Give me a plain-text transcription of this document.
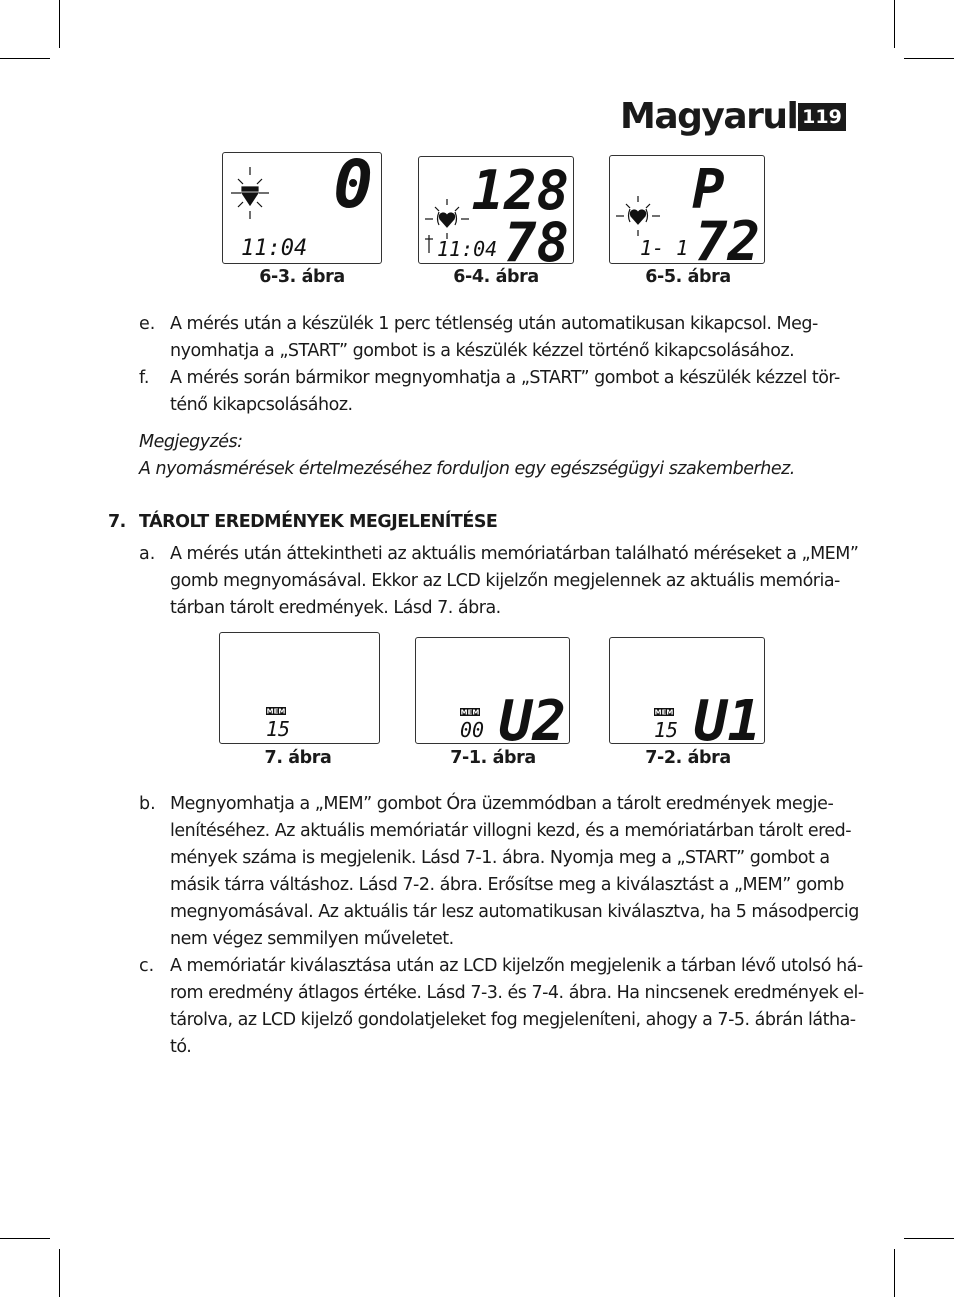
Magyarul 119
0
11:04
6-3. ábra
128
78
11:04
6-4. ábra
P
72
1- 1
6-5. ábra
e. A mérés után a készülék 1 perc tétlenség után automatikusan kikapcsol. Meg-
nyomhatja a „START” gombot is a készülék kézzel történő kikapcsolásához.
f. A mérés során bármikor megnyomhatja a „START” gombot a készülék kézzel tör-
ténő kikapcsolásához.
Megjegyzés:
A nyomásmérések értelmezéséhez forduljon egy egészségügyi szakemberhez.
7. TÁROLT EREDMÉNYEK MEGJELENÍTÉSE
a. A mérés után áttekintheti az aktuális memóriatárban található méréseket a „MEM”
gomb megnyomásával. Ekkor az LCD kijelzőn megjelennek az aktuális memória-
tárban tárolt eredmények. Lásd 7. ábra.
MEM
15
7. ábra
MEM
00 U2
7-1. ábra
MEM
15 U1
7-2. ábra
b. Megnyomhatja a „MEM” gombot Óra üzemmódban a tárolt eredmények megje-
lenítéséhez. Az aktuális memóriatár villogni kezd, és a memóriatárban tárolt ered-
mények száma is megjelenik. Lásd 7-1. ábra. Nyomja meg a „START” gombot a
másik tárra váltáshoz. Lásd 7-2. ábra. Erősítse meg a kiválasztást a „MEM” gomb
megnyomásával. Az aktuális tár lesz automatikusan kiválasztva, ha 5 másodpercig
nem végez semmilyen műveletet.
c. A memóriatár kiválasztása után az LCD kijelzőn megjelenik a tárban lévő utolsó há-
rom eredmény átlagos értéke. Lásd 7-3. és 7-4. ábra. Ha nincsenek eredmények el-
tárolva, az LCD kijelző gondolatjeleket fog megjeleníteni, ahogy a 7-5. ábrán látha-
tó.
